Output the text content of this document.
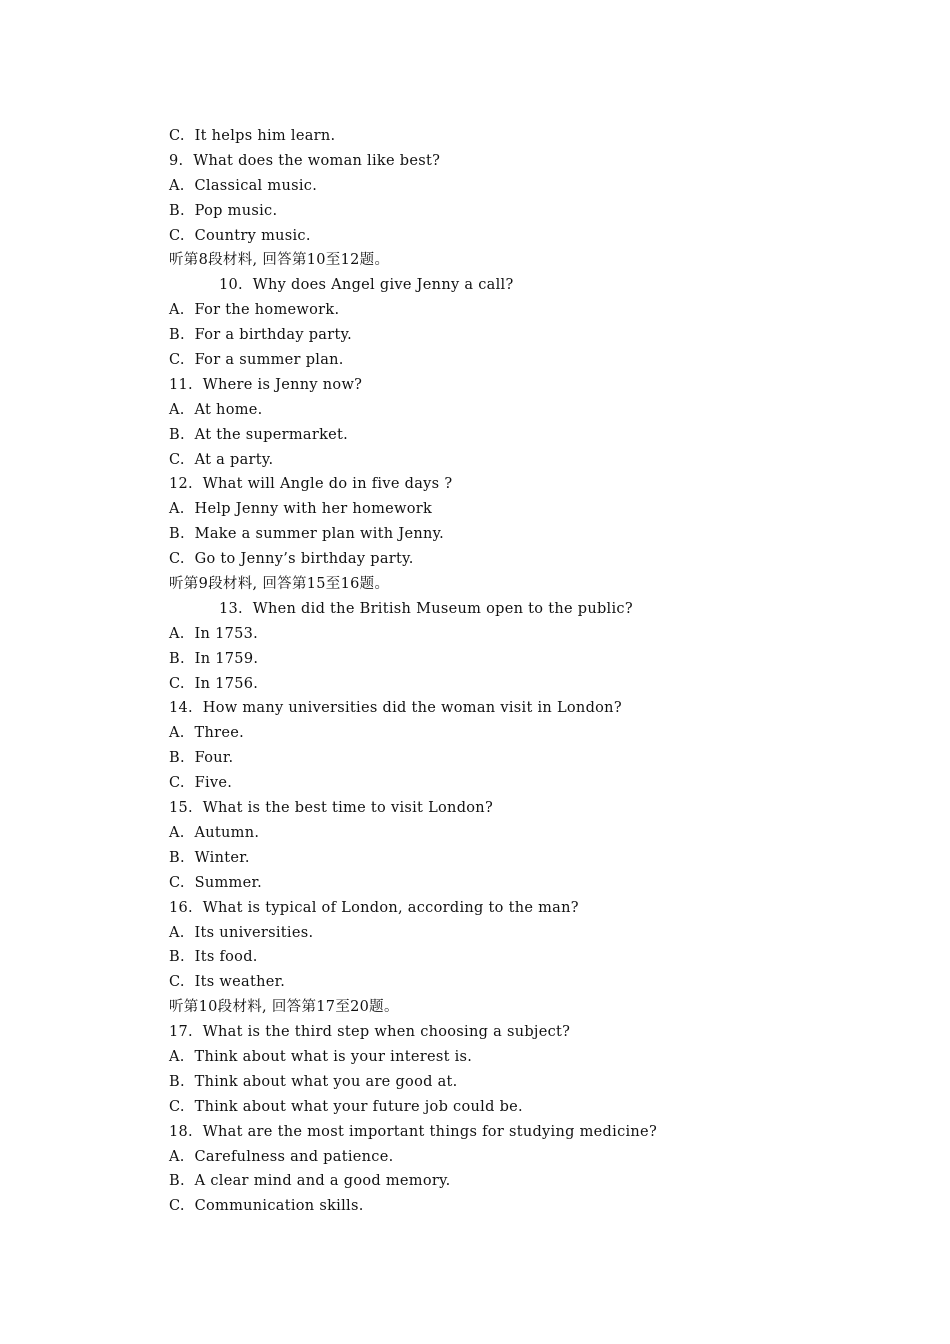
C.  It helps him learn.
9.  What does the woman like best?
A.  Classical music.
B.  Pop music.
C.  Country music.
听第8段材料, 回答第10至12题。
10.  Why does Angel give Jenny a call?
A.  For the homework.
B.  For a birthday party.
C.  For a summer plan.
11.  Where is Jenny now?
A.  At home.
B.  At the supermarket.
C.  At a party.
12.  What will Angle do in five days ?
A.  Help Jenny with her homework
B.  Make a summer plan with Jenny.
C.  Go to Jenny’s birthday party.
听第9段材料, 回答第15至16题。
13.  When did the British Museum open to the public?
A.  In 1753.
B.  In 1759.
C.  In 1756.
14.  How many universities did the woman visit in London?
A.  Three.
B.  Four.
C.  Five.
15.  What is the best time to visit London?
A.  Autumn.
B.  Winter.
C.  Summer.
16.  What is typical of London, according to the man?
A.  Its universities.
B.  Its food.
C.  Its weather.
听第10段材料, 回答第17至20题。
17.  What is the third step when choosing a subject?
A.  Think about what is your interest is.
B.  Think about what you are good at.
C.  Think about what your future job could be.
18.  What are the most important things for studying medicine?
A.  Carefulness and patience.
B.  A clear mind and a good memory.
C.  Communication skills.
